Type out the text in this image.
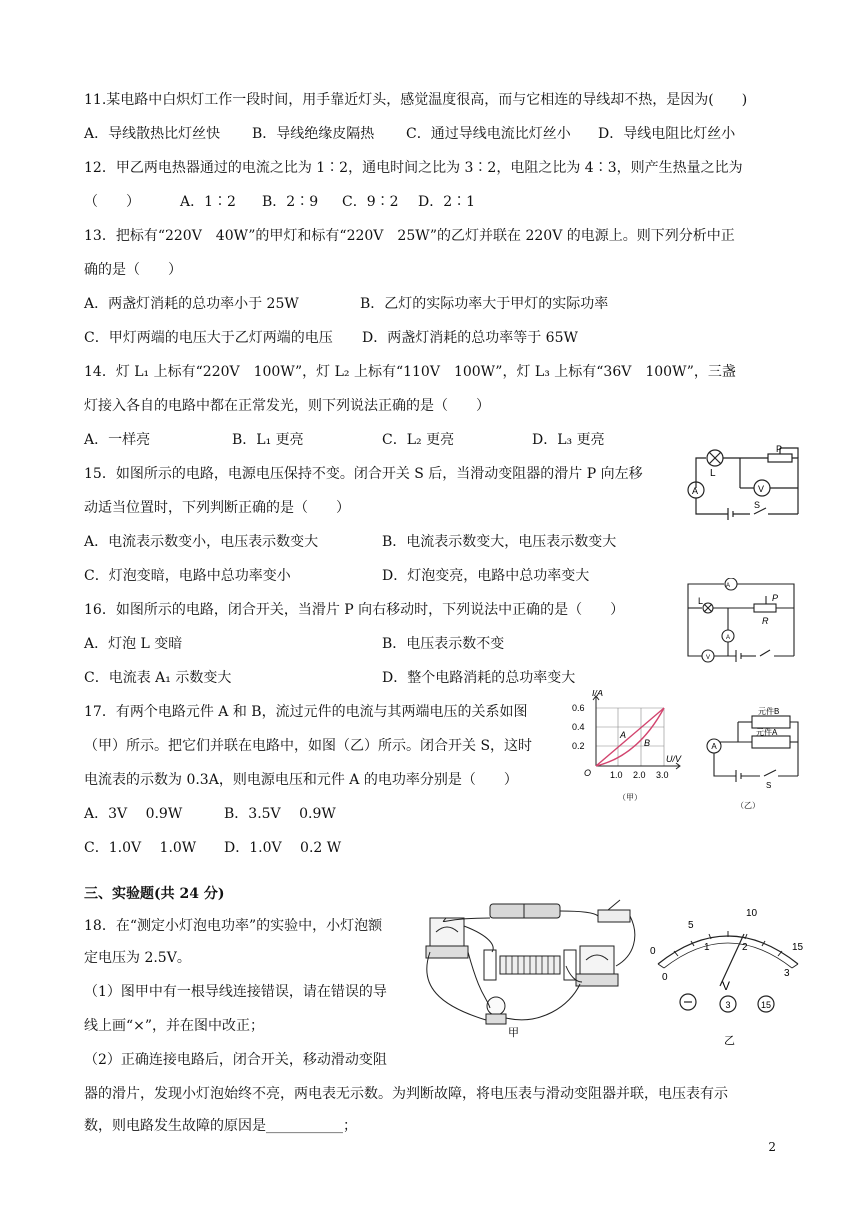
11.某电路中白炽灯工作一段时间，用手靠近灯头，感觉温度很高，而与它相连的导线却不热，是因为(　　)
A．导线散热比灯丝快 B．导线绝缘皮隔热 C．通过导线电流比灯丝小 D．导线电阻比灯丝小
12．甲乙两电热器通过的电流之比为 1∶2，通电时间之比为 3∶2，电阻之比为 4∶3，则产生热量之比为
（　　）	A．1∶2 B．2∶9 C．9∶2 D．2∶1
13．把标有“220V　40W”的甲灯和标有“220V　25W”的乙灯并联在 220V 的电源上。则下列分析中正
确的是（　　）
A．两盏灯消耗的总功率小于 25W	B．乙灯的实际功率大于甲灯的实际功率
C．甲灯两端的电压大于乙灯两端的电压 D．两盏灯消耗的总功率等于 65W
14．灯 L₁ 上标有“220V　100W”，灯 L₂ 上标有“110V　100W”，灯 L₃ 上标有“36V　100W”，三盏
灯接入各自的电路中都在正常发光，则下列说法正确的是（　　）
A．一样亮	B．L₁ 更亮	C．L₂ 更亮	D．L₃ 更亮
15．如图所示的电路，电源电压保持不变。闭合开关 S 后，当滑动变阻器的滑片 P 向左移
动适当位置时，下列判断正确的是（　　）
A．电流表示数变小，电压表示数变大	B．电流表示数变大，电压表示数变大
C．灯泡变暗，电路中总功率变小	D．灯泡变亮，电路中总功率变大
P
L
A	V
S
16．如图所示的电路，闭合开关，当滑片 P 向右移动时，下列说法中正确的是（　　）
A．灯泡 L 变暗	B．电压表示数不变
C．电流表 A₁ 示数变大	D．整个电路消耗的总功率变大
L	P
R
A
A
V
17．有两个电路元件 A 和 B，流过元件的电流与其两端电压的关系如图
（甲）所示。把它们并联在电路中，如图（乙）所示。闭合开关 S，这时
电流表的示数为 0.3A，则电源电压和元件 A 的电功率分别是（　　）
A．3V　 0.9W	B．3.5V　 0.9W
C．1.0V　 1.0W D．1.0V　 0.2 W
I/A
U/V
O
0.6
0.4
0.2
1.0 2.0 3.0
A
B
（甲）
元件B
元件A
A
S
（乙）
三、实验题(共 24 分)
18．在“测定小灯泡电功率”的实验中，小灯泡额
定电压为 2.5V。
（1）图甲中有一根导线连接错误，请在错误的导
线上画“×”，并在图中改正；
（2）正确连接电路后，闭合开关，移动滑动变阻
器的滑片，发现小灯泡始终不亮，两电表无示数。为判断故障，将电压表与滑动变阻器并联，电压表有示
数，则电路发生故障的原因是___________；
甲
5
10
15
0
0
1	2
3
V
3	15
乙
2
